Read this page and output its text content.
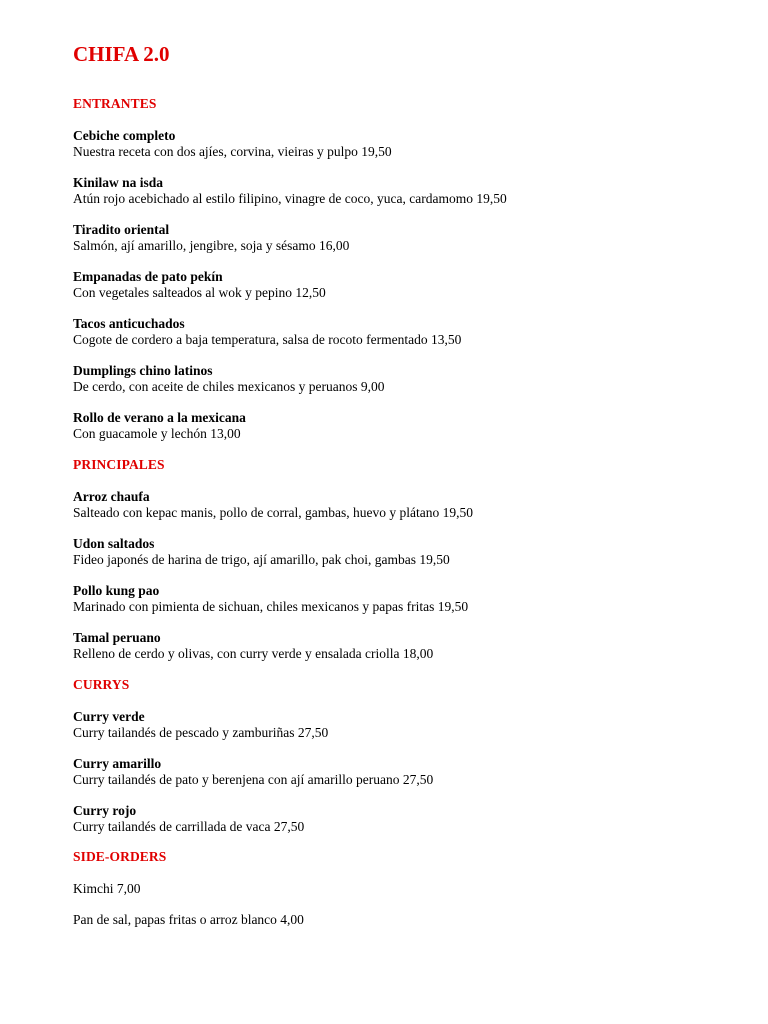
CHIFA 2.0
ENTRANTES
Cebiche completo
Nuestra receta con dos ajíes, corvina, vieiras y pulpo 19,50
Kinilaw na isda
Atún rojo acebichado al estilo filipino, vinagre de coco, yuca, cardamomo 19,50
Tiradito oriental
Salmón, ají amarillo, jengibre, soja y sésamo 16,00
Empanadas de pato pekín
Con vegetales salteados al wok y pepino 12,50
Tacos anticuchados
Cogote de cordero a baja temperatura, salsa de rocoto fermentado 13,50
Dumplings chino latinos
De cerdo, con aceite de chiles mexicanos y peruanos 9,00
Rollo de verano a la mexicana
Con guacamole y lechón 13,00
PRINCIPALES
Arroz chaufa
Salteado con kepac manis, pollo de corral, gambas, huevo y plátano 19,50
Udon saltados
Fideo japonés de harina de trigo, ají amarillo, pak choi, gambas 19,50
Pollo kung pao
Marinado con pimienta de sichuan, chiles mexicanos y papas fritas 19,50
Tamal peruano
Relleno de cerdo y olivas, con curry verde y ensalada criolla 18,00
CURRYS
Curry verde
Curry tailandés de pescado y zamburiñas 27,50
Curry amarillo
Curry tailandés de pato y berenjena con ají amarillo peruano 27,50
Curry rojo
Curry tailandés de carrillada de vaca 27,50
SIDE-ORDERS
Kimchi 7,00
Pan de sal, papas fritas o arroz blanco 4,00
